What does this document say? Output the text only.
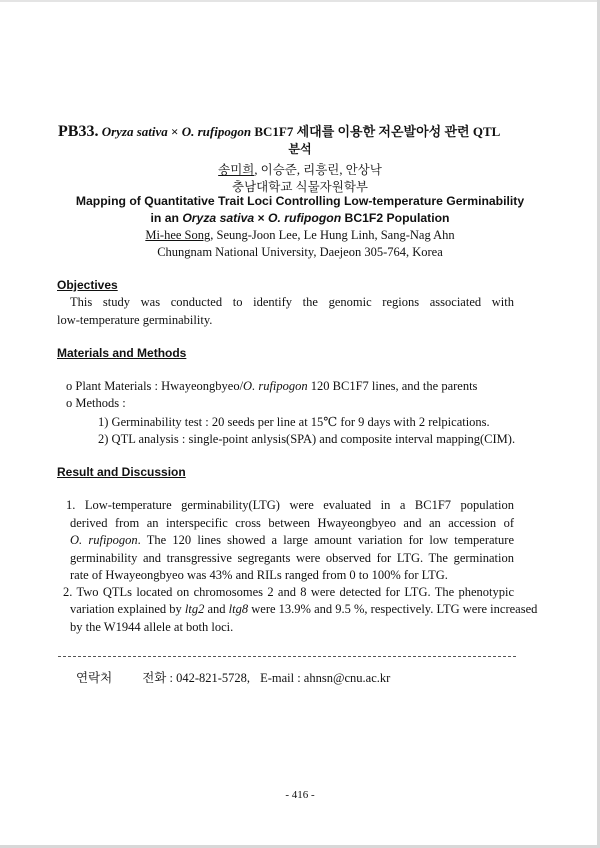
PB33. Oryza sativa × O. rufipogon BC1F7 세대를 이용한 저온발아성 관련 QTL
분석
송미희, 이승준, 리흥린, 안상낙
충남대학교 식물자원학부
Mapping of Quantitative Trait Loci Controlling Low-temperature Germinability
in an Oryza sativa × O. rufipogon BC1F2 Population
Mi-hee Song, Seung-Joon Lee, Le Hung Linh, Sang-Nag Ahn
Chungnam National University, Daejeon 305-764, Korea
Objectives
This study was conducted to identify the genomic regions associated with
low-temperature germinability.
Materials and Methods
o Plant Materials : Hwayeongbyeo/O. rufipogon 120 BC1F7 lines, and the parents
o Methods :
1) Germinability test : 20 seeds per line at 15℃ for 9 days with 2 relpications.
2) QTL analysis : single-point anlysis(SPA) and composite interval mapping(CIM).
Result and Discussion
1. Low-temperature germinability(LTG) were evaluated in a BC1F7 population
derived from an interspecific cross between Hwayeongbyeo and an accession of
O. rufipogon. The 120 lines showed a large amount variation for low temperature
germinability and transgressive segregants were observed for LTG. The germination
rate of Hwayeongbyeo was 43% and RILs ranged from 0 to 100% for LTG.
2. Two QTLs located on chromosomes 2 and 8 were detected for LTG. The phenotypic
variation explained by ltg2 and ltg8 were 13.9% and 9.5 %, respectively. LTG were increased
by the W1944 allele at both loci.
연락처 전화 : 042-821-5728, E-mail : ahnsn@cnu.ac.kr
- 416 -
